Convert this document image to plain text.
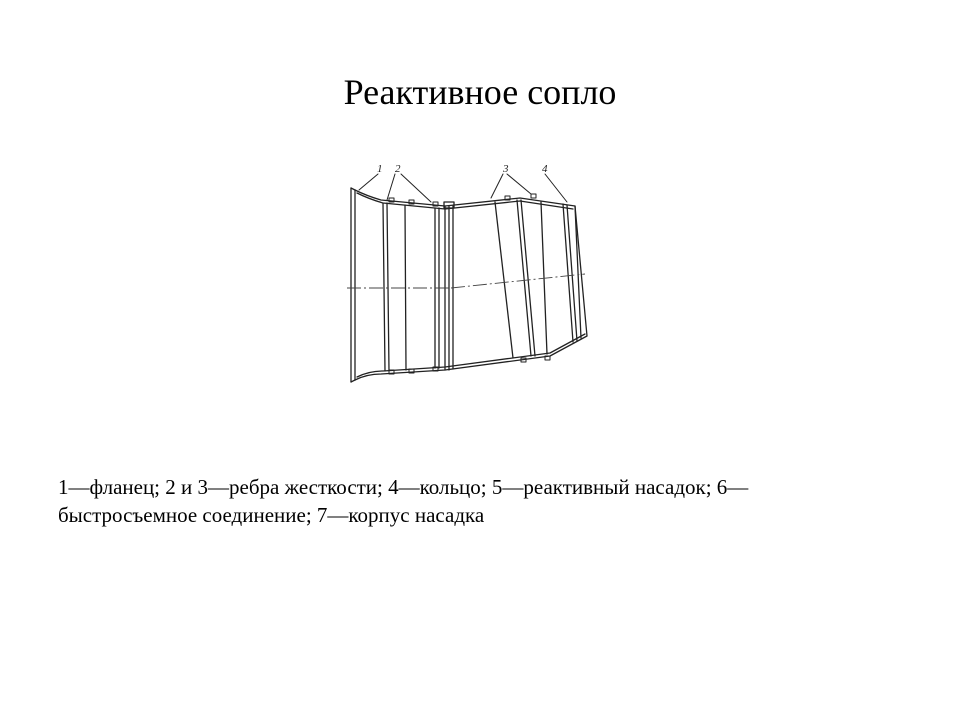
Реактивное сопло
1 2	3	4

1—фланец; 2 и 3—ребра жесткости; 4—кольцо; 5—реактивный насадок; 6—
быстросъемное соединение; 7—корпус насадка
